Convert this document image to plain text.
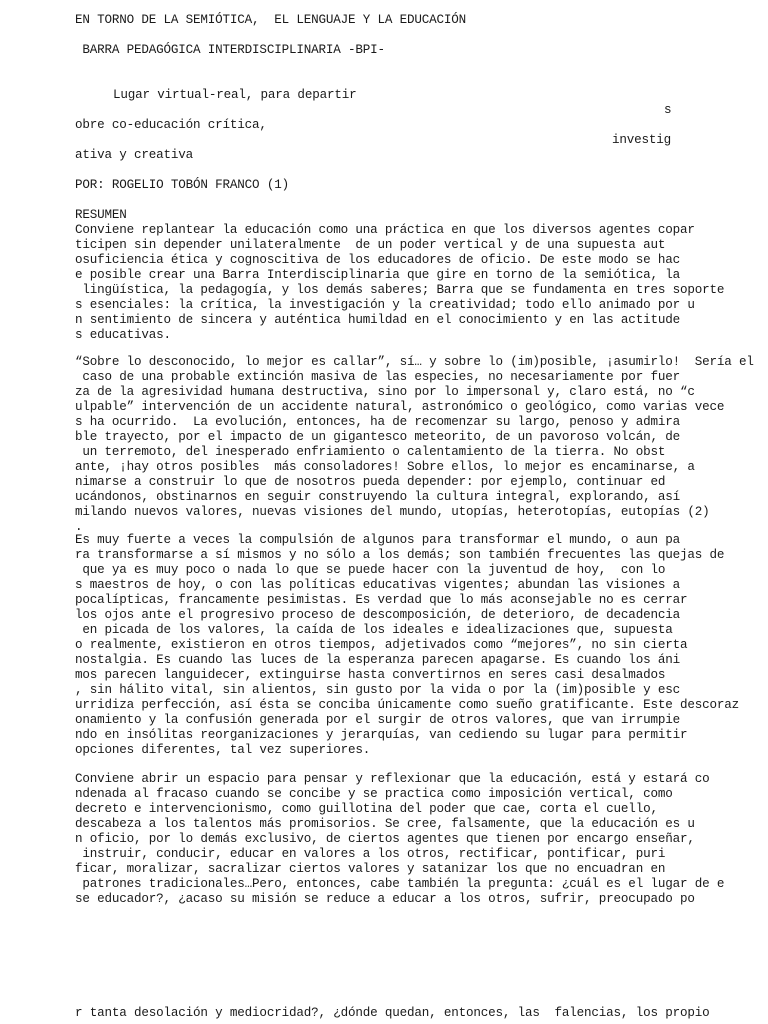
EN TORNO DE LA SEMIÓTICA,  EL LENGUAJE Y LA EDUCACIÓN
BARRA PEDAGÓGICA INTERDISCIPLINARIA -BPI-
Lugar virtual-real, para departir
s
obre co-educación crítica,
investig
ativa y creativa
POR: ROGELIO TOBÓN FRANCO (1)
RESUMEN
Conviene replantear la educación como una práctica en que los diversos agentes copar
ticipen sin depender unilateralmente  de un poder vertical y de una supuesta aut
osuficiencia ética y cognoscitiva de los educadores de oficio. De este modo se hac
e posible crear una Barra Interdisciplinaria que gire en torno de la semiótica, la
lingüística, la pedagogía, y los demás saberes; Barra que se fundamenta en tres soporte
s esenciales: la crítica, la investigación y la creatividad; todo ello animado por u
n sentimiento de sincera y auténtica humildad en el conocimiento y en las actitude
s educativas.
“Sobre lo desconocido, lo mejor es callar”, sí… y sobre lo (im)posible, ¡asumirlo!  Sería el
caso de una probable extinción masiva de las especies, no necesariamente por fuer
za de la agresividad humana destructiva, sino por lo impersonal y, claro está, no “c
ulpable” intervención de un accidente natural, astronómico o geológico, como varias vece
s ha ocurrido.  La evolución, entonces, ha de recomenzar su largo, penoso y admira
ble trayecto, por el impacto de un gigantesco meteorito, de un pavoroso volcán, de
un terremoto, del inesperado enfriamiento o calentamiento de la tierra. No obst
ante, ¡hay otros posibles  más consoladores! Sobre ellos, lo mejor es encaminarse, a
nimarse a construir lo que de nosotros pueda depender: por ejemplo, continuar ed
ucándonos, obstinarnos en seguir construyendo la cultura integral, explorando, así
milando nuevos valores, nuevas visiones del mundo, utopías, heterotopías, eutopías (2)
.
Es muy fuerte a veces la compulsión de algunos para transformar el mundo, o aun pa
ra transformarse a sí mismos y no sólo a los demás; son también frecuentes las quejas de
que ya es muy poco o nada lo que se puede hacer con la juventud de hoy,  con lo
s maestros de hoy, o con las políticas educativas vigentes; abundan las visiones a
pocalípticas, francamente pesimistas. Es verdad que lo más aconsejable no es cerrar
los ojos ante el progresivo proceso de descomposición, de deterioro, de decadencia
en picada de los valores, la caída de los ideales e idealizaciones que, supuesta
o realmente, existieron en otros tiempos, adjetivados como “mejores”, no sin cierta
nostalgia. Es cuando las luces de la esperanza parecen apagarse. Es cuando los áni
mos parecen languidecer, extinguirse hasta convertirnos en seres casi desalmados
, sin hálito vital, sin alientos, sin gusto por la vida o por la (im)posible y esc
urridiza perfección, así ésta se conciba únicamente como sueño gratificante. Este descoraz
onamiento y la confusión generada por el surgir de otros valores, que van irrumpie
ndo en insólitas reorganizaciones y jerarquías, van cediendo su lugar para permitir
opciones diferentes, tal vez superiores.
Conviene abrir un espacio para pensar y reflexionar que la educación, está y estará co
ndenada al fracaso cuando se concibe y se practica como imposición vertical, como
decreto e intervencionismo, como guillotina del poder que cae, corta el cuello,
descabeza a los talentos más promisorios. Se cree, falsamente, que la educación es u
n oficio, por lo demás exclusivo, de ciertos agentes que tienen por encargo enseñar,
instruir, conducir, educar en valores a los otros, rectificar, pontificar, puri
ficar, moralizar, sacralizar ciertos valores y satanizar los que no encuadran en
patrones tradicionales…Pero, entonces, cabe también la pregunta: ¿cuál es el lugar de e
se educador?, ¿acaso su misión se reduce a educar a los otros, sufrir, preocupado po
r tanta desolación y mediocridad?, ¿dónde quedan, entonces, las  falencias, los propio
